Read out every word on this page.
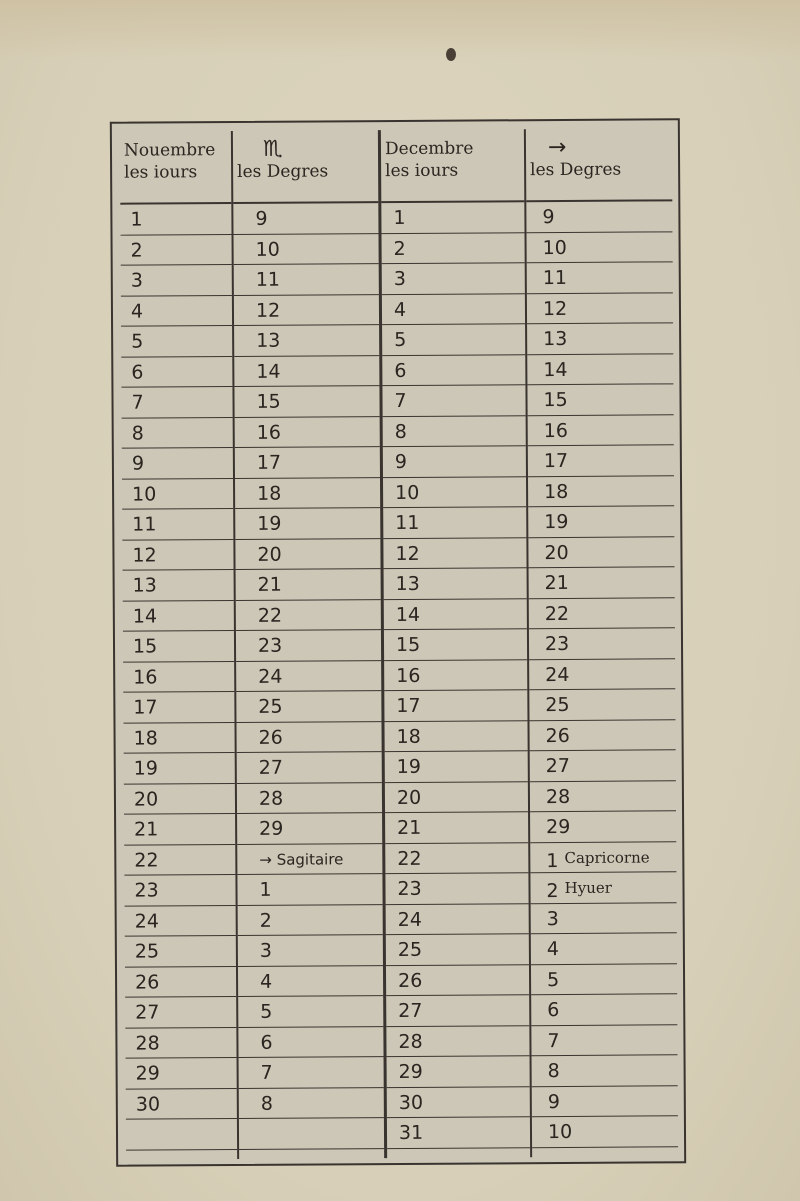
Nouembre
les iours
1
2
3
4
5
6
7
8
9
10
11
12
13
14
15
16
17
18
19
20
21
22
23
24
25
26
27
28
29
30
♏
les Degres
9
10
11
12
13
14
15
16
17
18
19
20
21
22
23
24
25
26
27
28
29
→ Sagitaire
1
2
3
4
5
6
7
8
Decembre
les iours
1
2
3
4
5
6
7
8
9
10
11
12
13
14
15
16
17
18
19
20
21
22
23
24
25
26
27
28
29
30
31
→
les Degres
9
10
11
12
13
14
15
16
17
18
19
20
21
22
23
24
25
26
27
28
29
1 $^{Capricorne}$
2 $^{Hyuer}$
3
4
5
6
7
8
9
10
